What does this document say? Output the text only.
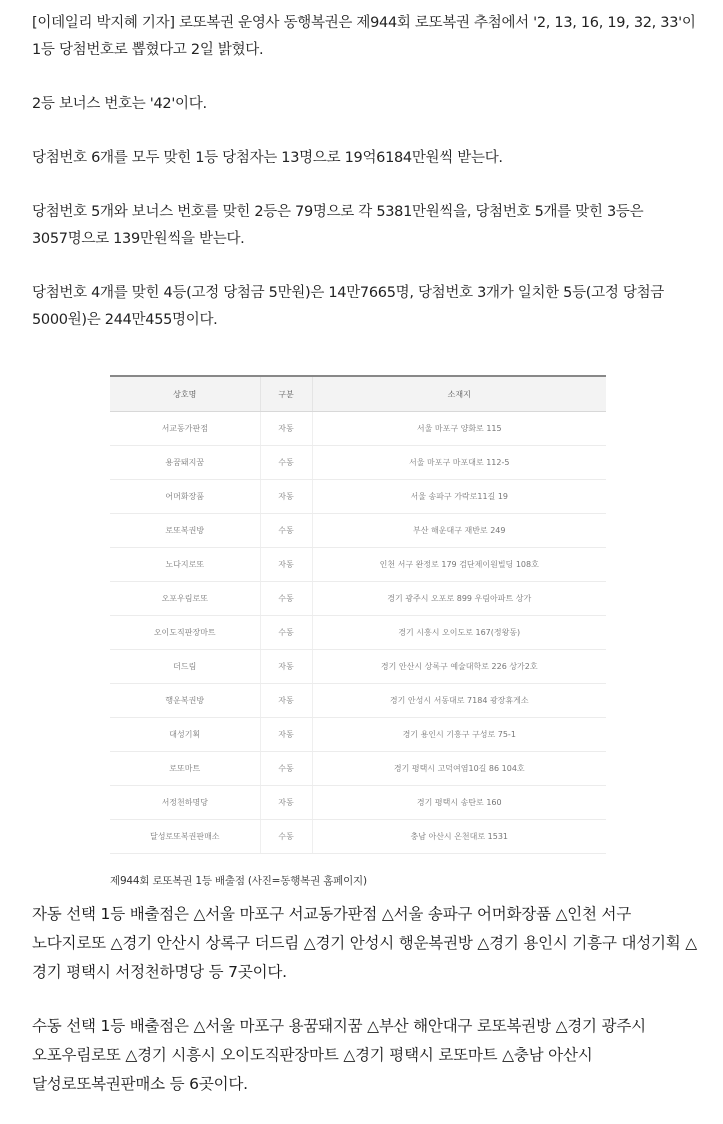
[이데일리 박지혜 기자] 로또복권 운영사 동행복권은 제944회 로또복권 추첨에서 '2, 13, 16, 19, 32, 33'이 1등 당첨번호로 뽑혔다고 2일 밝혔다.

2등 보너스 번호는 '42'이다.

당첨번호 6개를 모두 맞힌 1등 당첨자는 13명으로 19억6184만원씩 받는다.

당첨번호 5개와 보너스 번호를 맞힌 2등은 79명으로 각 5381만원씩을, 당첨번호 5개를 맞힌 3등은 3057명으로 139만원씩을 받는다.

당첨번호 4개를 맞힌 4등(고정 당첨금 5만원)은 14만7665명, 당첨번호 3개가 일치한 5등(고정 당첨금 5000원)은 244만455명이다.

상호명	구분	소재지
서교동가판점	자동	서울 마포구 양화로 115
용꿈돼지꿈	수동	서울 마포구 마포대로 112-5
어머화장품	자동	서울 송파구 가락로11길 19
로또복권방	수동	부산 해운대구 재반로 249
노다지로또	자동	인천 서구 완정로 179 검단제이원빌딩 108호
오포우림로또	수동	경기 광주시 오포로 899 우림아파트 상가
오이도직판장마트	수동	경기 시흥시 오이도로 167(정왕동)
더드림	자동	경기 안산시 상록구 예술대학로 226 상가2호
행운복권방	자동	경기 안성시 서동대로 7184 광장휴게소
대성기획	자동	경기 용인시 기흥구 구성로 75-1
로또마트	수동	경기 평택시 고덕여염10길 86 104호
서정천하명당	자동	경기 평택시 송탄로 160
달성로또복권판매소	수동	충남 아산시 온천대로 1531
제944회 로또복권 1등 배출점 (사진=동행복권 홈페이지)

자동 선택 1등 배출점은 △서울 마포구 서교동가판점 △서울 송파구 어머화장품 △인천 서구 노다지로또 △경기 안산시 상록구 더드림 △경기 안성시 행운복권방 △경기 용인시 기흥구 대성기획 △경기 평택시 서정천하명당 등 7곳이다.

수동 선택 1등 배출점은 △서울 마포구 용꿈돼지꿈 △부산 해안대구 로또복권방 △경기 광주시 오포우림로또 △경기 시흥시 오이도직판장마트 △경기 평택시 로또마트 △충남 아산시 달성로또복권판매소 등 6곳이다.
